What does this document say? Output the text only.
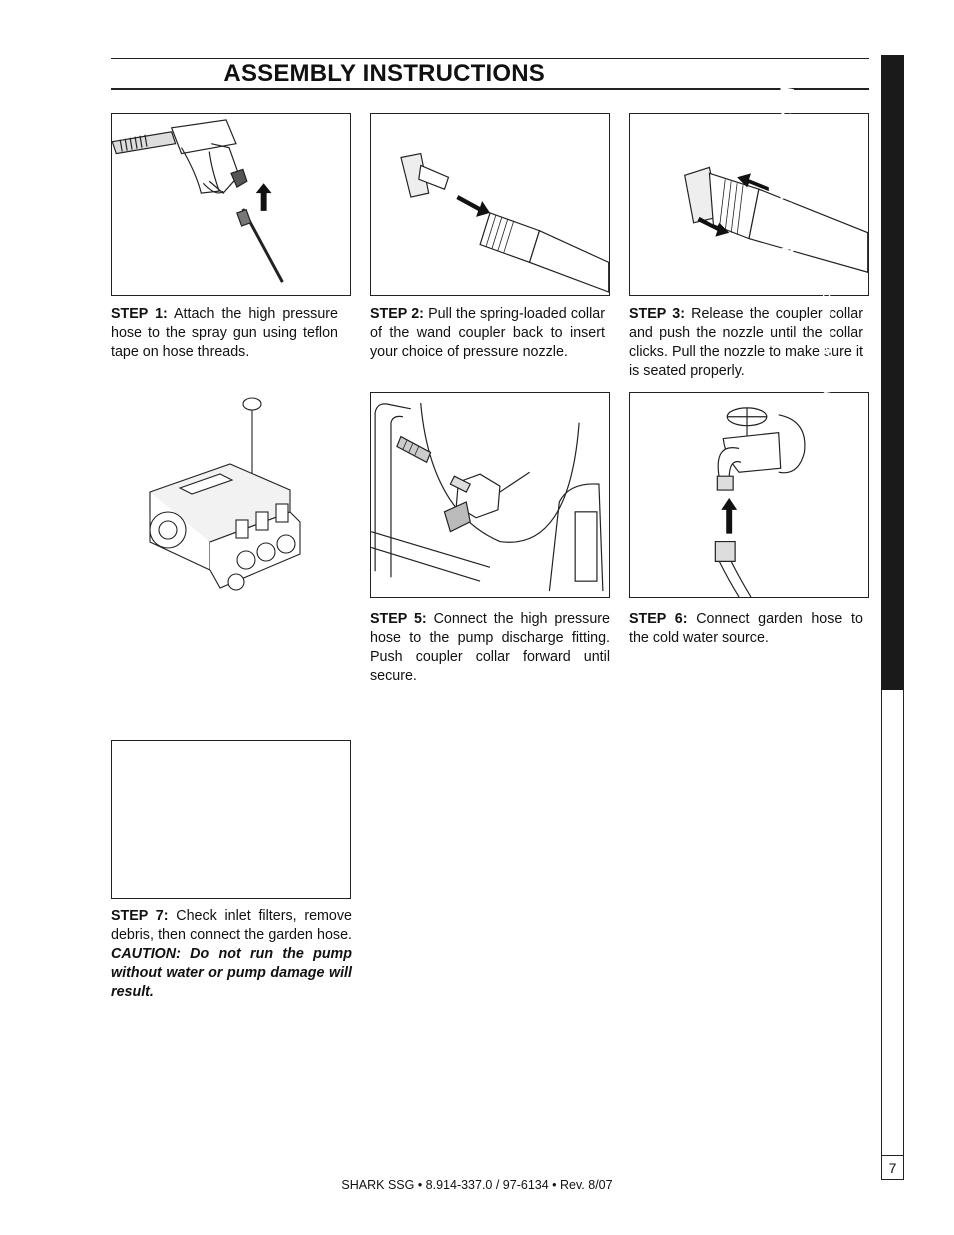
ASSEMBLY INSTRUCTIONS
STEP 1: Attach the high pressure hose to the spray gun using teflon tape on hose threads.
STEP 2: Pull the spring-loaded collar of the wand coupler back to insert your choice of pressure nozzle.
STEP 3: Release the coupler collar and push the nozzle until the collar clicks. Pull the nozzle to make sure it is seated properly.
STEP 5: Connect the high pressure hose to the pump discharge fitting. Push coupler collar forward until secure.
STEP 6: Connect garden hose to the cold water source.
STEP 7: Check inlet filters, remove debris, then connect the garden hose. CAUTION: Do not run the pump without water or pump damage will result.
PRESSURE WASHER
OPERATOR'S MANUAL
7
SHARK SSG • 8.914-337.0 / 97-6134 • Rev. 8/07
